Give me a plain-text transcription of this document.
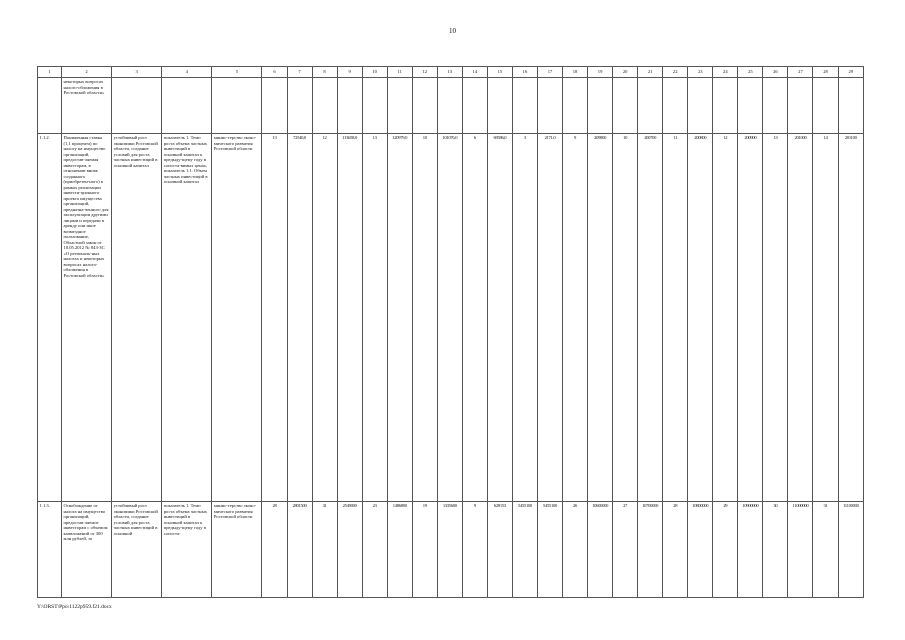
10
1	2	3	4	5	6	7	8	9	10	11	12	13	14	15	16	17	18	19	20	21	22	23	24	25	26	27	28	29
	некоторых вопросах налого-обложения в Ростовской области»																											
1.1.2.	Пониженная ставка (1,1 процента) по налогу на имущество организаций, предостав-ляемая инвесторам, в отношении вновь созданного (приобретен-ного) в рамках реализации инвести-ционного проекта имущества организаций, предназна-ченного для эксплуатации другими лицами и передачи в аренду или иное возмездное пользование, Областной закон от 10.05.2012 № 843-ЗС «О региональ-ных налогах и некоторых вопросах налого-обложения в Ростовской области»	устойчивый рост экономики Ростовской области, создание условий для роста частных инвестиций в основной капитал	показатель 1. Темп роста объема частных инвестиций в основной капитал к предыду-щему году в сопоста-вимых ценах, показатель 1.1. Объем частных инвестиций в основной капитал	минис-терство эконо-мического развития Ростовской области	13	72540,0	12	113658,0	13	120979,0	10	101076,0	6	69586,0	3	2171,0	9	209800	10	200700	11	200800	12	200900	13	201000	14	201100
1.1.3.	Освобождение от налога на имущество организаций, предостав-ляемое инвесторам с объемом капвложений от 300 млн рублей, за	устойчивый рост экономики Ростовской области, создание условий для роста частных инвестиций в основной	показатель 1. Темп роста объема частных инвестиций в основной капитал к предыду-щему году в сопоста-	минис-терство эконо-мического развития Ростовской области	28	2801500	31	2549000	23	1486800	19	1335600	9	628153	5455100	5455100	26	10600000	27	10700000	28	10800000	29	10900000	30	11000000	31	11100000
Y:\ORST\Ppo\1122p959.f21.docx
